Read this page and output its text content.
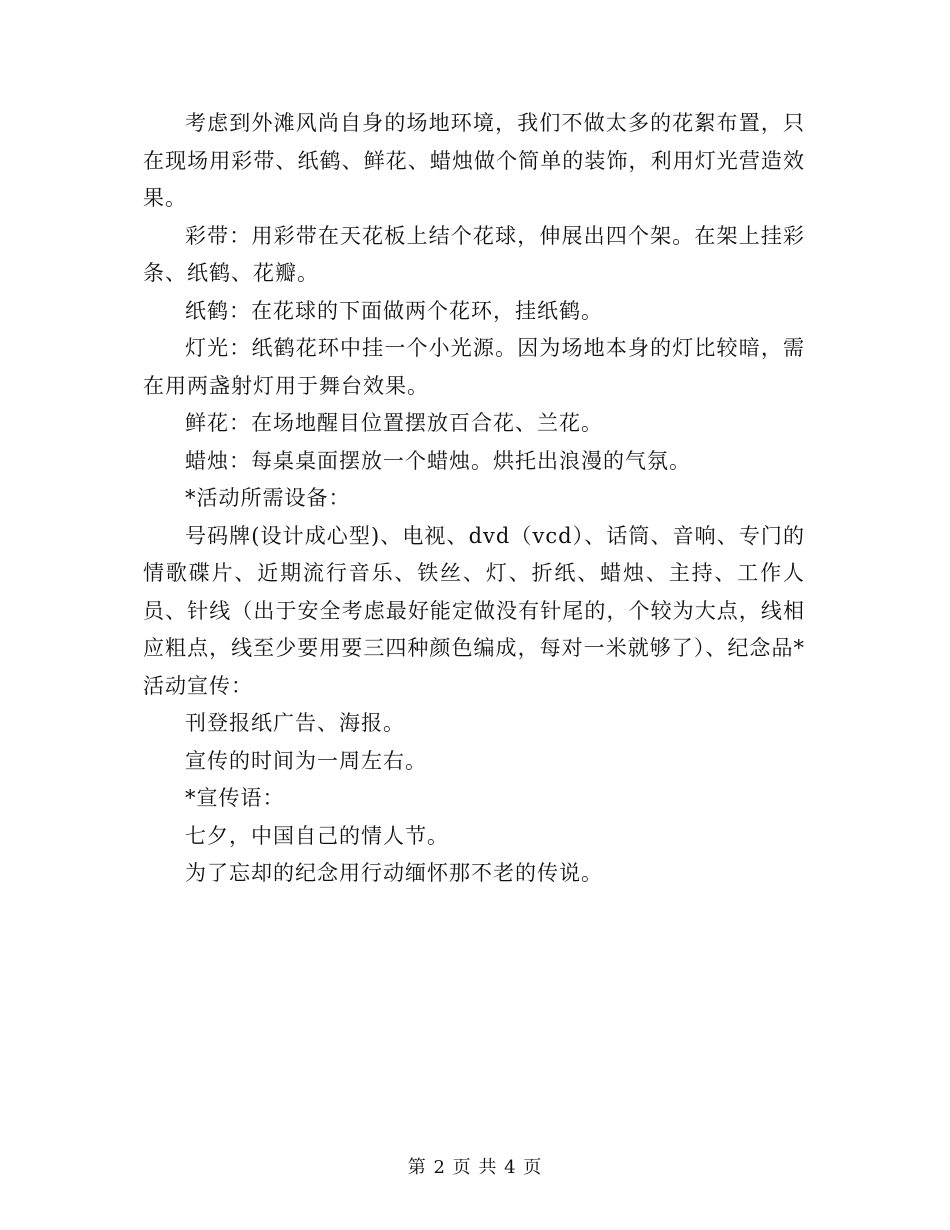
考虑到外滩风尚自身的场地环境，我们不做太多的花絮布置，只在现场用彩带、纸鹤、鲜花、蜡烛做个简单的装饰，利用灯光营造效果。

彩带：用彩带在天花板上结个花球，伸展出四个架。在架上挂彩条、纸鹤、花瓣。

纸鹤：在花球的下面做两个花环，挂纸鹤。

灯光：纸鹤花环中挂一个小光源。因为场地本身的灯比较暗，需在用两盏射灯用于舞台效果。

鲜花：在场地醒目位置摆放百合花、兰花。

蜡烛：每桌桌面摆放一个蜡烛。烘托出浪漫的气氛。

*活动所需设备：

号码牌(设计成心型)、电视、dvd（vcd）、话筒、音响、专门的情歌碟片、近期流行音乐、铁丝、灯、折纸、蜡烛、主持、工作人员、针线（出于安全考虑最好能定做没有针尾的，个较为大点，线相应粗点，线至少要用要三四种颜色编成，每对一米就够了）、纪念品*活动宣传：

刊登报纸广告、海报。

宣传的时间为一周左右。

*宣传语：

七夕，中国自己的情人节。

为了忘却的纪念用行动缅怀那不老的传说。

第 2 页 共 4 页
